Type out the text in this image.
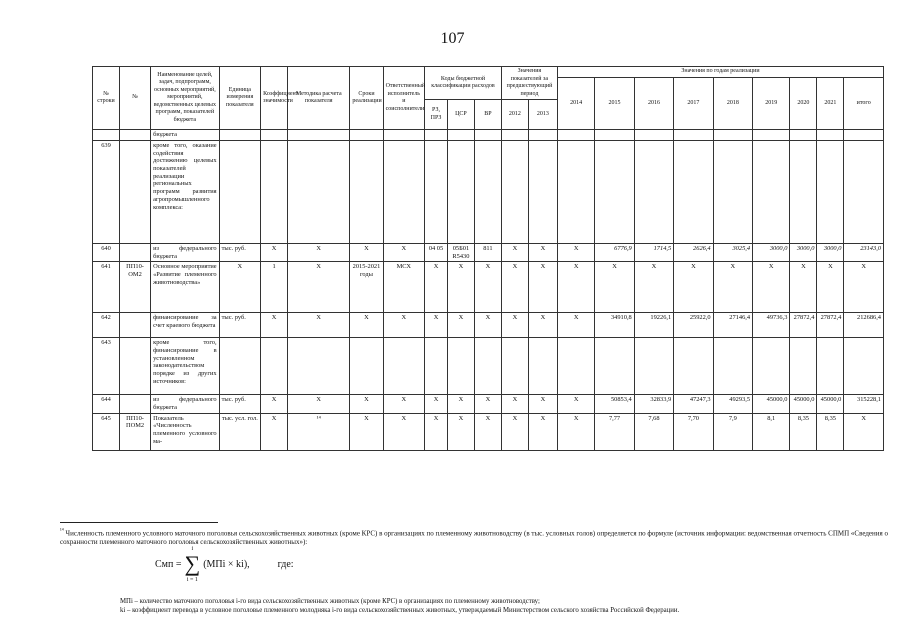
107
№ строки	№	Наименование целей, задач, подпрограмм, основных мероприятий, мероприятий, ведомственных целевых программ, показателей бюджета	Единица измерения показателя	Коэффициент значимости	Методика расчета показателя	Сроки реализации	Ответственный исполнитель и соисполнители	Коды бюджетной классификации расходов			Значения показателей за предшествующий период		Значения по годам реализации								
													2014	2015	2016	2017	2018	2019	2020	2021	итого
								РЗ, ПРЗ	ЦСР	ВР	2012	2013									
		бюджета																			
639		кроме того, оказание содействия достижению целевых показателей реализации региональных программ развития агропромышленного комплекса:																			
640		из федерального бюджета	тыс. руб.	X	X	X	X	04 05	05Б01 R5430	811	X	X	X	6776,9	1714,5	2626,4	3025,4	3000,0	3000,0	3000,0	23143,0
641	ПП10-ОМ2	Основное мероприятие «Развитие племенного животноводства»	X	1	X	2015-2021 годы	МСХ	X	X	X	X	X	X	X	X	X	X	X	X	X	X
642		финансирование за счет краевого бюджета	тыс. руб.	X	X	X	X	X	X	X	X	X	X	34910,8	19226,1	25922,0	27146,4	49736,3	27872,4	27872,4	212686,4
643		кроме того, финансирование в установленном законодательством порядке из других источников:																			
644		из федерального бюджета	тыс. руб.	X	X	X	X	X	X	X	X	X	X	50853,4	32833,9	47247,3	49293,5	45000,0	45000,0	45000,0	315228,1
645	ПП10-ПОМ2	Показатель «Численность племенного условного ма-	тыс. усл. гол.	X	¹⁴	X	X	X	X	X	X	X	X	7,77	7,68	7,70	7,9	8,1	8,35	8,35	X
$^{^{14}}$ Численность племенного условного маточного поголовья сельскохозяйственных животных (кроме КРС) в организациях по племенному животноводству (в тыс. условных голов) определяется по формуле (источник информации: ведомственная отчетность СПМП «Сведения о сохранности племенного маточного поголовья сельскохозяйственных животных»):
Смп =
i
∑
i = 1
(МПi × ki),	где:
МПi – количество маточного поголовья i-го вида сельскохозяйственных животных (кроме КРС) в организациях по племенному животноводству;
ki – коэффициент перевода в условное поголовье племенного молодняка i-го вида сельскохозяйственных животных, утверждаемый Министерством сельского хозяйства Российской Федерации.
